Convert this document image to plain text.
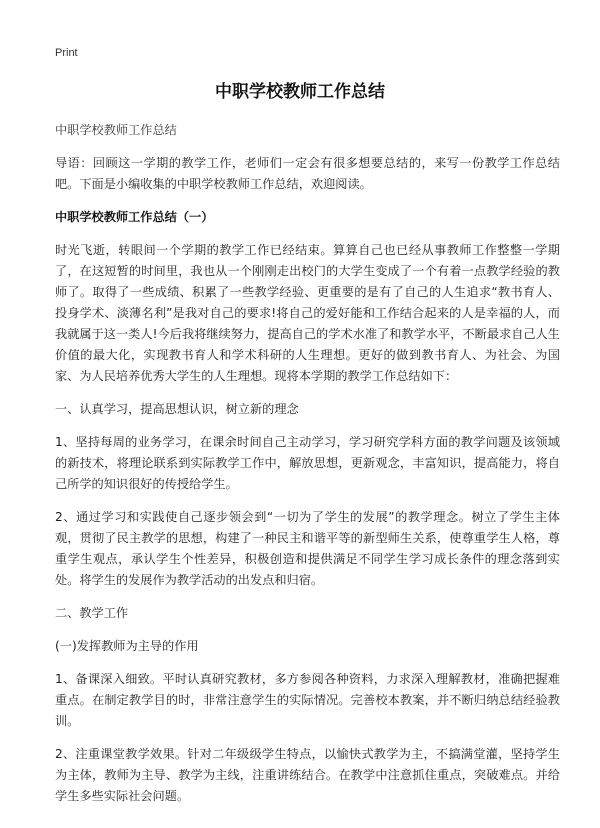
Print
中职学校教师工作总结

中职学校教师工作总结

导语：回顾这一学期的教学工作，老师们一定会有很多想要总结的，来写一份教学工作总结吧。下面是小编收集的中职学校教师工作总结，欢迎阅读。

中职学校教师工作总结（一）

时光飞逝，转眼间一个学期的教学工作已经结束。算算自己也已经从事教师工作整整一学期了，在这短暂的时间里，我也从一个刚刚走出校门的大学生变成了一个有着一点教学经验的教师了。取得了一些成绩、积累了一些教学经验、更重要的是有了自己的人生追求“教书育人、投身学术、淡薄名利”是我对自己的要求!将自己的爱好能和工作结合起来的人是幸福的人，而我就属于这一类人!今后我将继续努力，提高自己的学术水准了和教学水平，不断最求自己人生价值的最大化，实现教书育人和学术科研的人生理想。更好的做到教书育人、为社会、为国家、为人民培养优秀大学生的人生理想。现将本学期的教学工作总结如下：

一、认真学习，提高思想认识，树立新的理念

1、坚持每周的业务学习，在课余时间自己主动学习，学习研究学科方面的教学问题及该领域的新技术，将理论联系到实际教学工作中，解放思想，更新观念，丰富知识，提高能力，将自己所学的知识很好的传授给学生。

2、通过学习和实践使自己逐步领会到“一切为了学生的发展”的教学理念。树立了学生主体观，贯彻了民主教学的思想，构建了一种民主和谐平等的新型师生关系，使尊重学生人格，尊重学生观点，承认学生个性差异，积极创造和提供满足不同学生学习成长条件的理念落到实处。将学生的发展作为教学活动的出发点和归宿。

二、教学工作

(一)发挥教师为主导的作用

1、备课深入细致。平时认真研究教材，多方参阅各种资料，力求深入理解教材，准确把握难重点。在制定教学目的时，非常注意学生的实际情况。完善校本教案，并不断归纳总结经验教训。

2、注重课堂教学效果。针对二年级级学生特点，以愉快式教学为主，不搞满堂灌，坚持学生为主体，教师为主导、教学为主线，注重讲练结合。在教学中注意抓住重点，突破难点。并给学生多些实际社会问题。
